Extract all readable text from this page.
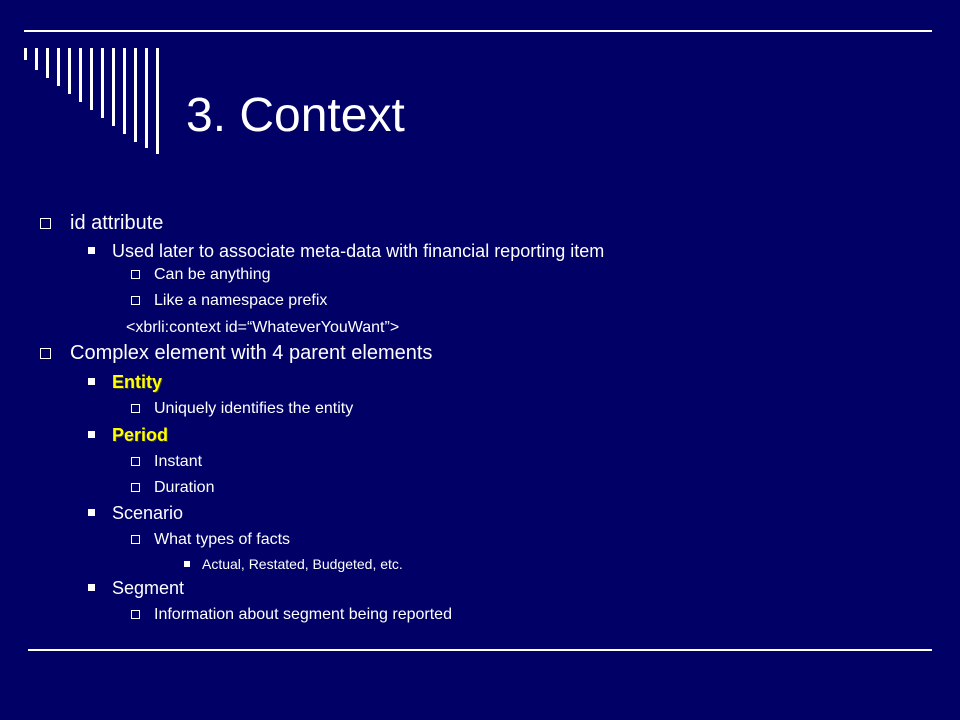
3. Context
id attribute
Used later to associate meta-data with financial reporting item
Can be anything
Like a namespace prefix
<xbrli:context id=“WhateverYouWant”>
Complex element with 4 parent elements
Entity
Uniquely identifies the entity
Period
Instant
Duration
Scenario
What types of facts
Actual, Restated, Budgeted, etc.
Segment
Information about segment being reported
